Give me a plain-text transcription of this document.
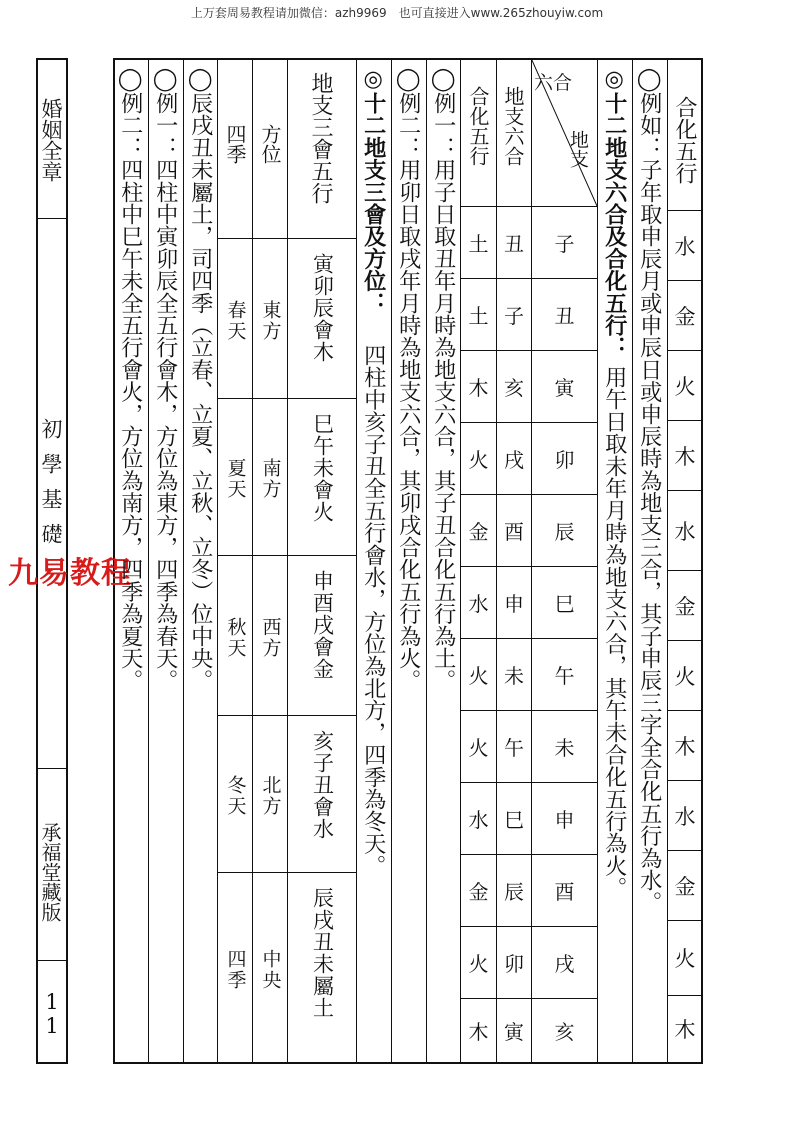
上万套周易教程请加微信：azh9969　也可直接进入www.265zhouyiw.com
婚姻全章
初學基礎
承福堂藏版
11
九易教程
合化五行
水
金
火
木
水
金
火
木
水
金
火
木
◯例如：子年取申辰月或申辰日或申辰時為地支三合，其子申辰三字全合化五行為水。
◎十二地支六合及合化五行：
用午日取未年月時為地支六合，其午未合化五行為火。
地支
六合
地支六合
合化五行
子
丑
寅
卯
辰
巳
午
未
申
酉
戌
亥
丑
子
亥
戌
酉
申
未
午
巳
辰
卯
寅
土
土
木
火
金
水
火
火
水
金
火
木
◯例一：用子日取丑年月時為地支六合，其子丑合化五行為土。
◯例二：用卯日取戌年月時為地支六合，其卯戌合化五行為火。
◎十二地支三會及方位：
四柱中亥子丑全五行會水，方位為北方，四季為冬天。
地支三會五行
方位
四季
寅卯辰會木
東方
春天
巳午未會火
南方
夏天
申酉戌會金
西方
秋天
亥子丑會水
北方
冬天
辰戌丑未屬土
中央
四季
◯辰戌丑未屬土，司四季（立春、立夏、立秋、立冬）位中央。
◯例一：四柱中寅卯辰全五行會木，方位為東方，四季為春天。
◯例二：四柱中巳午未全五行會火，方位為南方，四季為夏天。
